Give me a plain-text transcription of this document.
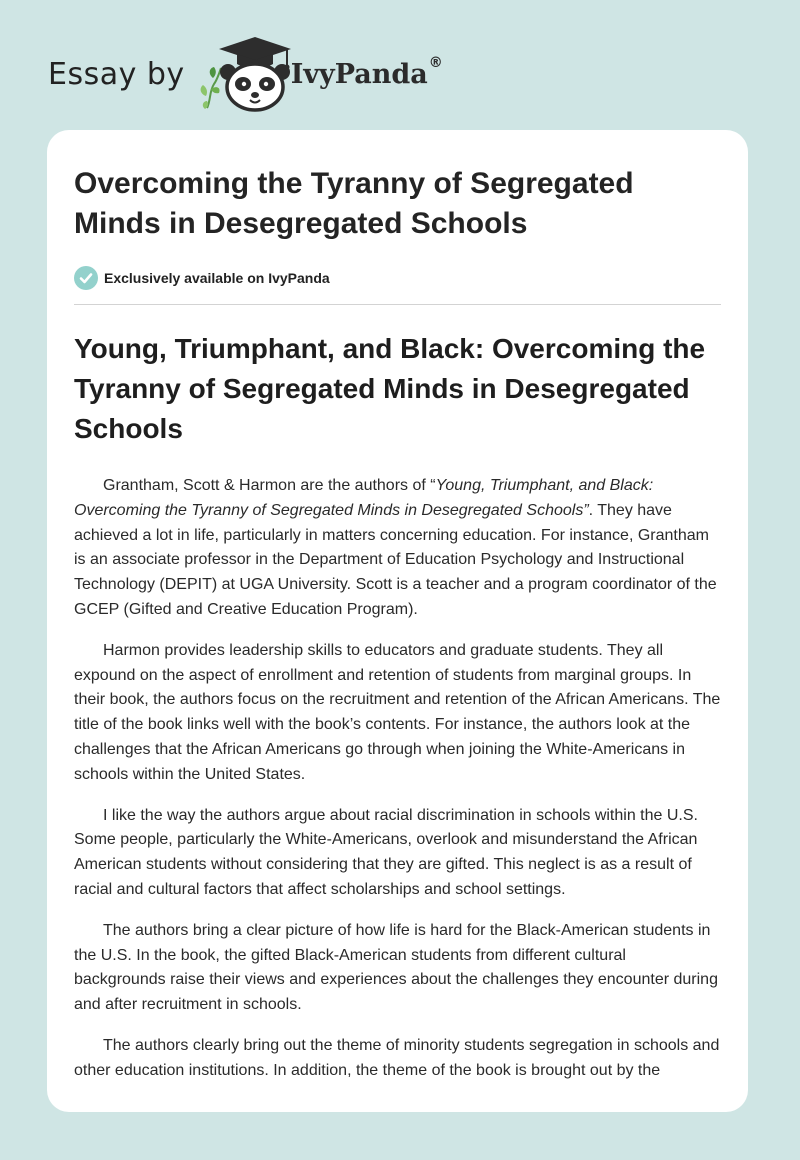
Essay by	IvyPanda®
Overcoming the Tyranny of Segregated Minds in Desegregated Schools
Exclusively available on IvyPanda
Young, Triumphant, and Black: Overcoming the Tyranny of Segregated Minds in Desegregated Schools

Grantham, Scott & Harmon are the authors of “Young, Triumphant, and Black: Overcoming the Tyranny of Segregated Minds in Desegregated Schools”. They have achieved a lot in life, particularly in matters concerning education. For instance, Grantham is an associate professor in the Department of Education Psychology and Instructional Technology (DEPIT) at UGA University. Scott is a teacher and a program coordinator of the GCEP (Gifted and Creative Education Program).

Harmon provides leadership skills to educators and graduate students. They all expound on the aspect of enrollment and retention of students from marginal groups. In their book, the authors focus on the recruitment and retention of the African Americans. The title of the book links well with the book’s contents. For instance, the authors look at the challenges that the African Americans go through when joining the White-Americans in schools within the United States.

I like the way the authors argue about racial discrimination in schools within the U.S. Some people, particularly the White-Americans, overlook and misunderstand the African American students without considering that they are gifted. This neglect is as a result of racial and cultural factors that affect scholarships and school settings.

The authors bring a clear picture of how life is hard for the Black-American students in the U.S. In the book, the gifted Black-American students from different cultural backgrounds raise their views and experiences about the challenges they encounter during and after recruitment in schools.

The authors clearly bring out the theme of minority students segregation in schools and other education institutions. In addition, the theme of the book is brought out by the
